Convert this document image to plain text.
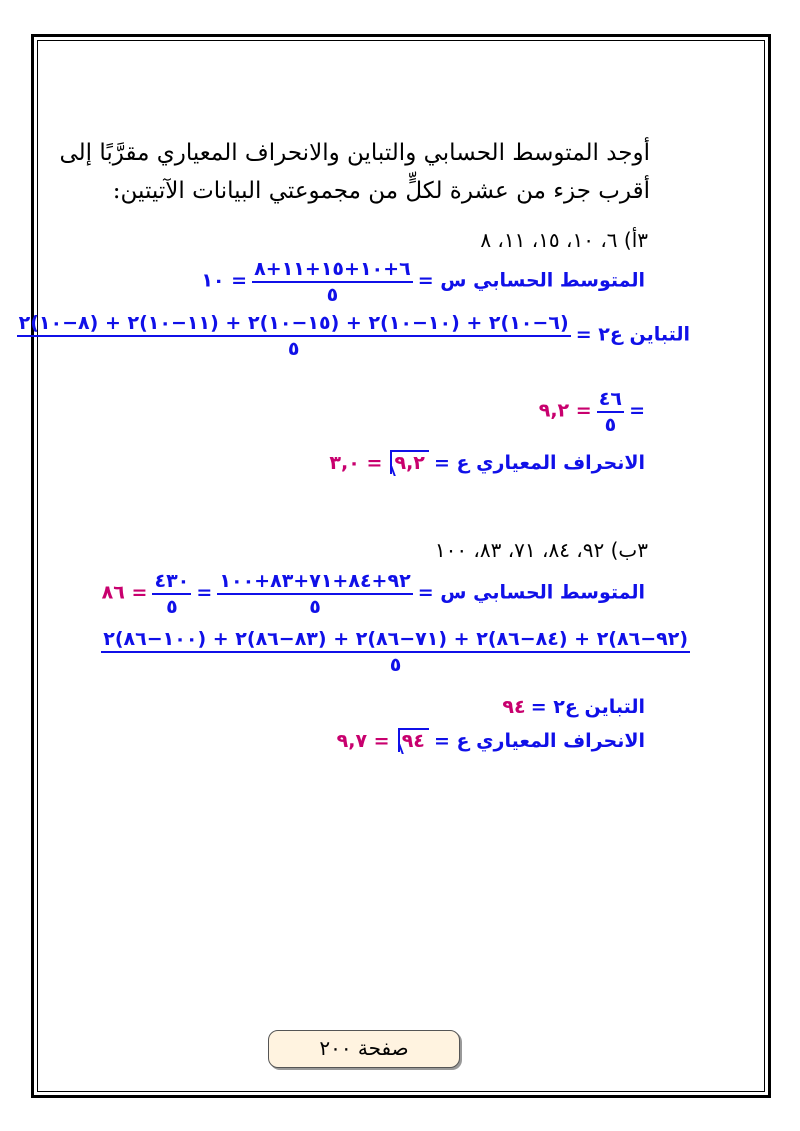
أوجد المتوسط الحسابي والتباين والانحراف المعياري مقرَّبًا إلى
أقرب جزء من عشرة لكلٍّ من مجموعتي البيانات الآتيتين:
٣أ) ٦، ١٠، ١٥، ١١، ٨
المتوسط الحسابي س =
$\frac{٦+١٠+١٥+١١+٨}{٥}$
= ١٠
التباين ع٢ =
$\frac{(٦-١٠)٢ + (١٠-١٠)٢ + (١٥-١٠)٢ + (١١-١٠)٢ + (٨-١٠)٢}{٥}$
=
$\frac{٤٦}{٥}$
= ٩,٢
الانحراف المعياري ع = ٩,٢ = ٣,٠
٣ب) ٩٢، ٨٤، ٧١، ٨٣، ١٠٠
المتوسط الحسابي س =
$\frac{٩٢+٨٤+٧١+٨٣+١٠٠}{٥}$
=
$\frac{٤٣٠}{٥}$
= ٨٦
$\frac{(٩٢-٨٦)٢ + (٨٤-٨٦)٢ + (٧١-٨٦)٢ + (٨٣-٨٦)٢ + (١٠٠-٨٦)٢}{٥}$
التباين ع٢ = ٩٤
الانحراف المعياري ع = ٩٤ = ٩,٧
صفحة ٢٠٠
